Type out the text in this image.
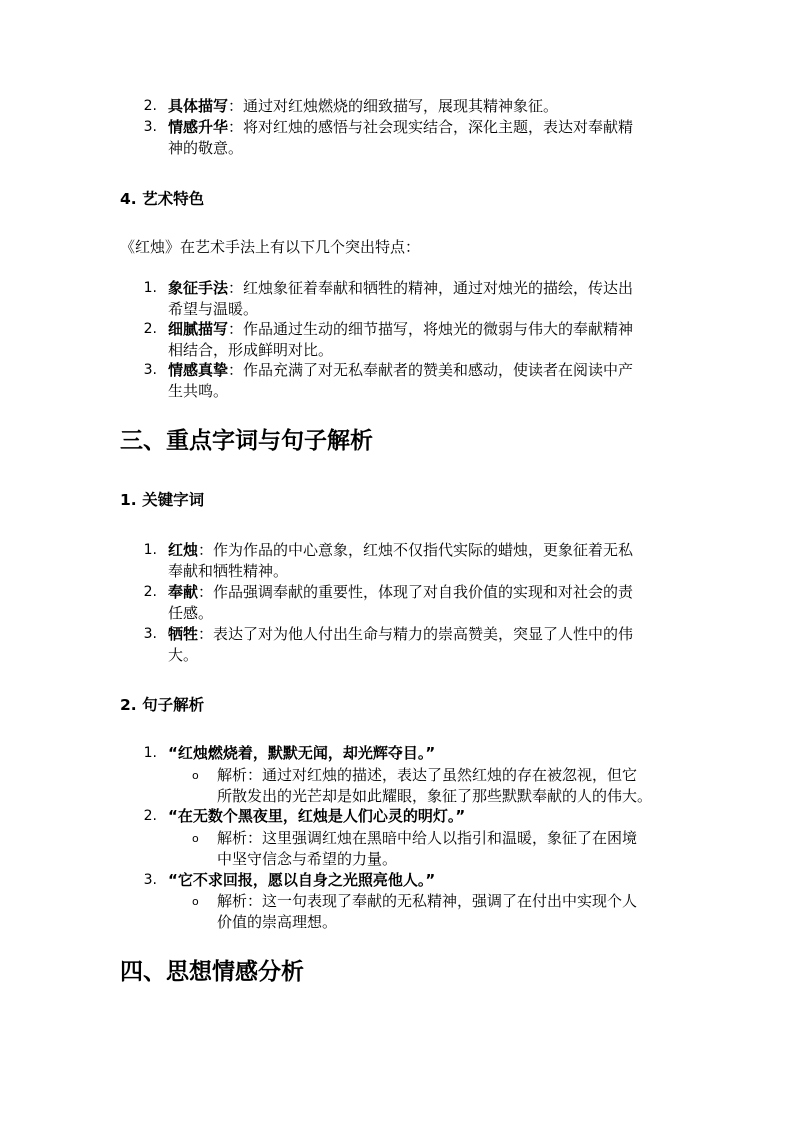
2. 具体描写：通过对红烛燃烧的细致描写，展现其精神象征。
3. 情感升华：将对红烛的感悟与社会现实结合，深化主题，表达对奉献精
神的敬意。
4. 艺术特色
《红烛》在艺术手法上有以下几个突出特点：
1. 象征手法：红烛象征着奉献和牺牲的精神，通过对烛光的描绘，传达出
希望与温暖。
2. 细腻描写：作品通过生动的细节描写，将烛光的微弱与伟大的奉献精神
相结合，形成鲜明对比。
3. 情感真挚：作品充满了对无私奉献者的赞美和感动，使读者在阅读中产
生共鸣。
三、重点字词与句子解析
1. 关键字词
1. 红烛：作为作品的中心意象，红烛不仅指代实际的蜡烛，更象征着无私
奉献和牺牲精神。
2. 奉献：作品强调奉献的重要性，体现了对自我价值的实现和对社会的责
任感。
3. 牺牲：表达了对为他人付出生命与精力的崇高赞美，突显了人性中的伟
大。
2. 句子解析
1. “红烛燃烧着，默默无闻，却光辉夺目。”
o 解析：通过对红烛的描述，表达了虽然红烛的存在被忽视，但它
所散发出的光芒却是如此耀眼，象征了那些默默奉献的人的伟大。
2. “在无数个黑夜里，红烛是人们心灵的明灯。”
o 解析：这里强调红烛在黑暗中给人以指引和温暖，象征了在困境
中坚守信念与希望的力量。
3. “它不求回报，愿以自身之光照亮他人。”
o 解析：这一句表现了奉献的无私精神，强调了在付出中实现个人
价值的崇高理想。
四、思想情感分析
